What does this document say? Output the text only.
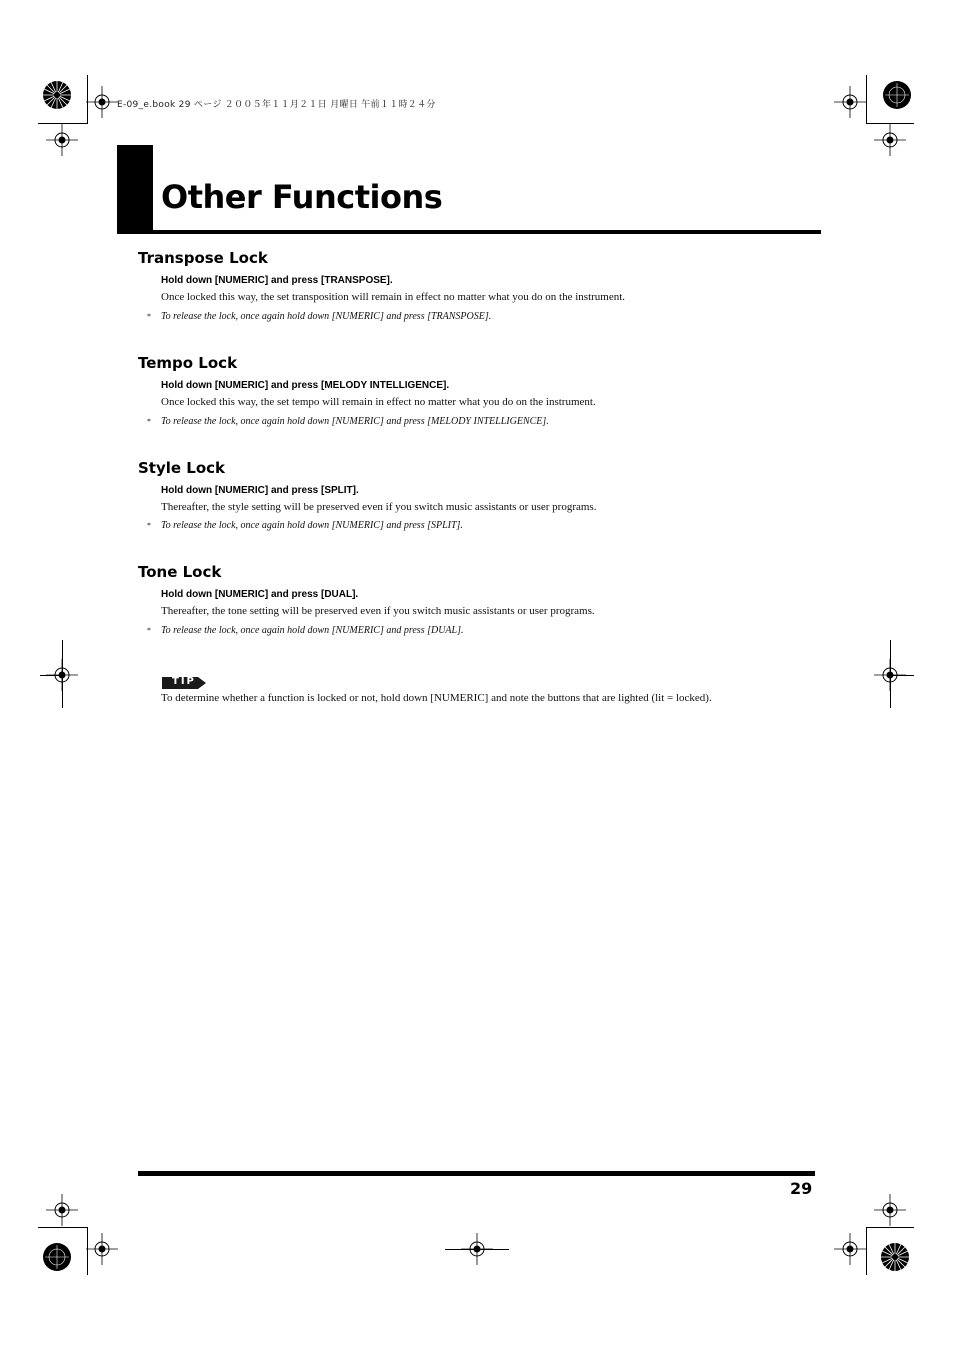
E-09_e.book 29 ページ ２００５年１１月２１日 月曜日 午前１１時２４分
Other Functions
Transpose Lock
Hold down [NUMERIC] and press [TRANSPOSE].
Once locked this way, the set transposition will remain in effect no matter what you do on the instrument.
* To release the lock, once again hold down [NUMERIC] and press [TRANSPOSE].
Tempo Lock
Hold down [NUMERIC] and press [MELODY INTELLIGENCE].
Once locked this way, the set tempo will remain in effect no matter what you do on the instrument.
* To release the lock, once again hold down [NUMERIC] and press [MELODY INTELLIGENCE].
Style Lock
Hold down [NUMERIC] and press [SPLIT].
Thereafter, the style setting will be preserved even if you switch music assistants or user programs.
* To release the lock, once again hold down [NUMERIC] and press [SPLIT].
Tone Lock
Hold down [NUMERIC] and press [DUAL].
Thereafter, the tone setting will be preserved even if you switch music assistants or user programs.
* To release the lock, once again hold down [NUMERIC] and press [DUAL].
TIP
To determine whether a function is locked or not, hold down [NUMERIC] and note the buttons that are lighted (lit = locked).
29
